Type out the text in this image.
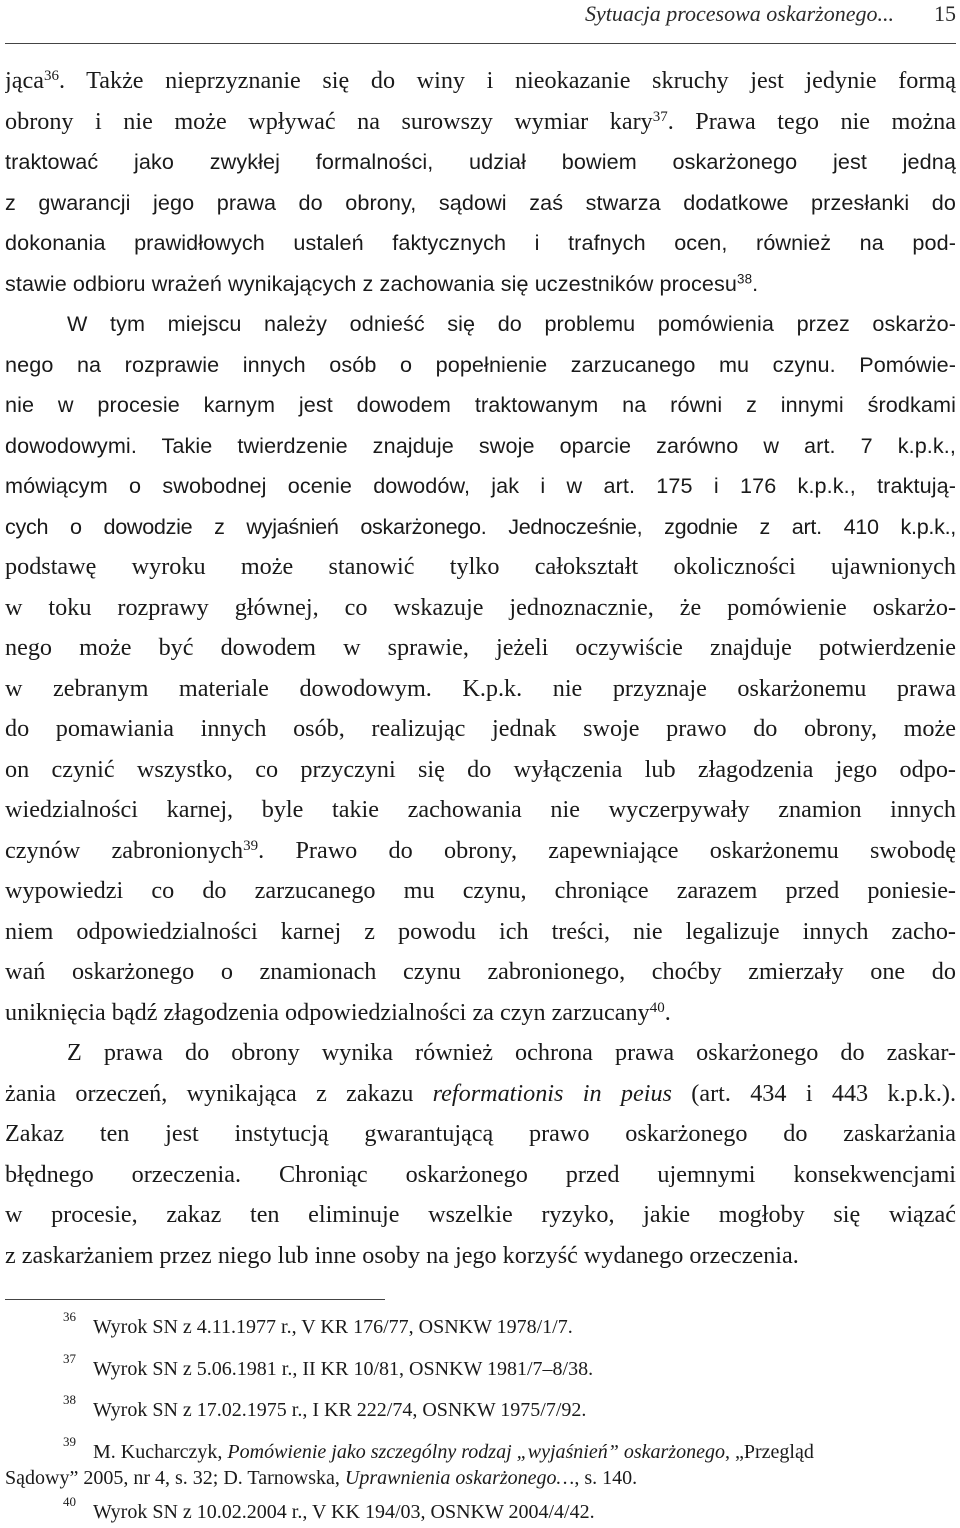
Sytuacja procesowa oskarżonego... 15
jąca$^{36}$. Także nieprzyznanie się do winy i nieokazanie skruchy jest jedynie formą
obrony i nie może wpływać na surowszy wymiar kary$^{37}$. Prawa tego nie można
traktować jako zwykłej formalności, udział bowiem oskarżonego jest jedną
z gwarancji jego prawa do obrony, sądowi zaś stwarza dodatkowe przesłanki do
dokonania prawidłowych ustaleń faktycznych i trafnych ocen, również na pod-
stawie odbioru wrażeń wynikających z zachowania się uczestników procesu$^{38}$.
W tym miejscu należy odnieść się do problemu pomówienia przez oskarżo-
nego na rozprawie innych osób o popełnienie zarzucanego mu czynu. Pomówie-
nie w procesie karnym jest dowodem traktowanym na równi z innymi środkami
dowodowymi. Takie twierdzenie znajduje swoje oparcie zarówno w art. 7 k.p.k.,
mówiącym o swobodnej ocenie dowodów, jak i w art. 175 i 176 k.p.k., traktują-
cych o dowodzie z wyjaśnień oskarżonego. Jednocześnie, zgodnie z art. 410 k.p.k.,
podstawę wyroku może stanowić tylko całokształt okoliczności ujawnionych
w toku rozprawy głównej, co wskazuje jednoznacznie, że pomówienie oskarżo-
nego może być dowodem w sprawie, jeżeli oczywiście znajduje potwierdzenie
w zebranym materiale dowodowym. K.p.k. nie przyznaje oskarżonemu prawa
do pomawiania innych osób, realizując jednak swoje prawo do obrony, może
on czynić wszystko, co przyczyni się do wyłączenia lub złagodzenia jego odpo-
wiedzialności karnej, byle takie zachowania nie wyczerpywały znamion innych
czynów zabronionych$^{39}$. Prawo do obrony, zapewniające oskarżonemu swobodę
wypowiedzi co do zarzucanego mu czynu, chroniące zarazem przed poniesie-
niem odpowiedzialności karnej z powodu ich treści, nie legalizuje innych zacho-
wań oskarżonego o znamionach czynu zabronionego, choćby zmierzały one do
uniknięcia bądź złagodzenia odpowiedzialności za czyn zarzucany$^{40}$.
Z prawa do obrony wynika również ochrona prawa oskarżonego do zaskar-
żania orzeczeń, wynikająca z zakazu reformationis in peius (art. 434 i 443 k.p.k.).
Zakaz ten jest instytucją gwarantującą prawo oskarżonego do zaskarżania
błędnego orzeczenia. Chroniąc oskarżonego przed ujemnymi konsekwencjami
w procesie, zakaz ten eliminuje wszelkie ryzyko, jakie mogłoby się wiązać
z zaskarżaniem przez niego lub inne osoby na jego korzyść wydanego orzeczenia.
36 Wyrok SN z 4.11.1977 r., V KR 176/77, OSNKW 1978/1/7.
37 Wyrok SN z 5.06.1981 r., II KR 10/81, OSNKW 1981/7–8/38.
38 Wyrok SN z 17.02.1975 r., I KR 222/74, OSNKW 1975/7/92.
39 M. Kucharczyk, Pomówienie jako szczególny rodzaj „wyjaśnień” oskarżonego, „Przegląd
Sądowy” 2005, nr 4, s. 32; D. Tarnowska, Uprawnienia oskarżonego…, s. 140.
40 Wyrok SN z 10.02.2004 r., V KK 194/03, OSNKW 2004/4/42.
